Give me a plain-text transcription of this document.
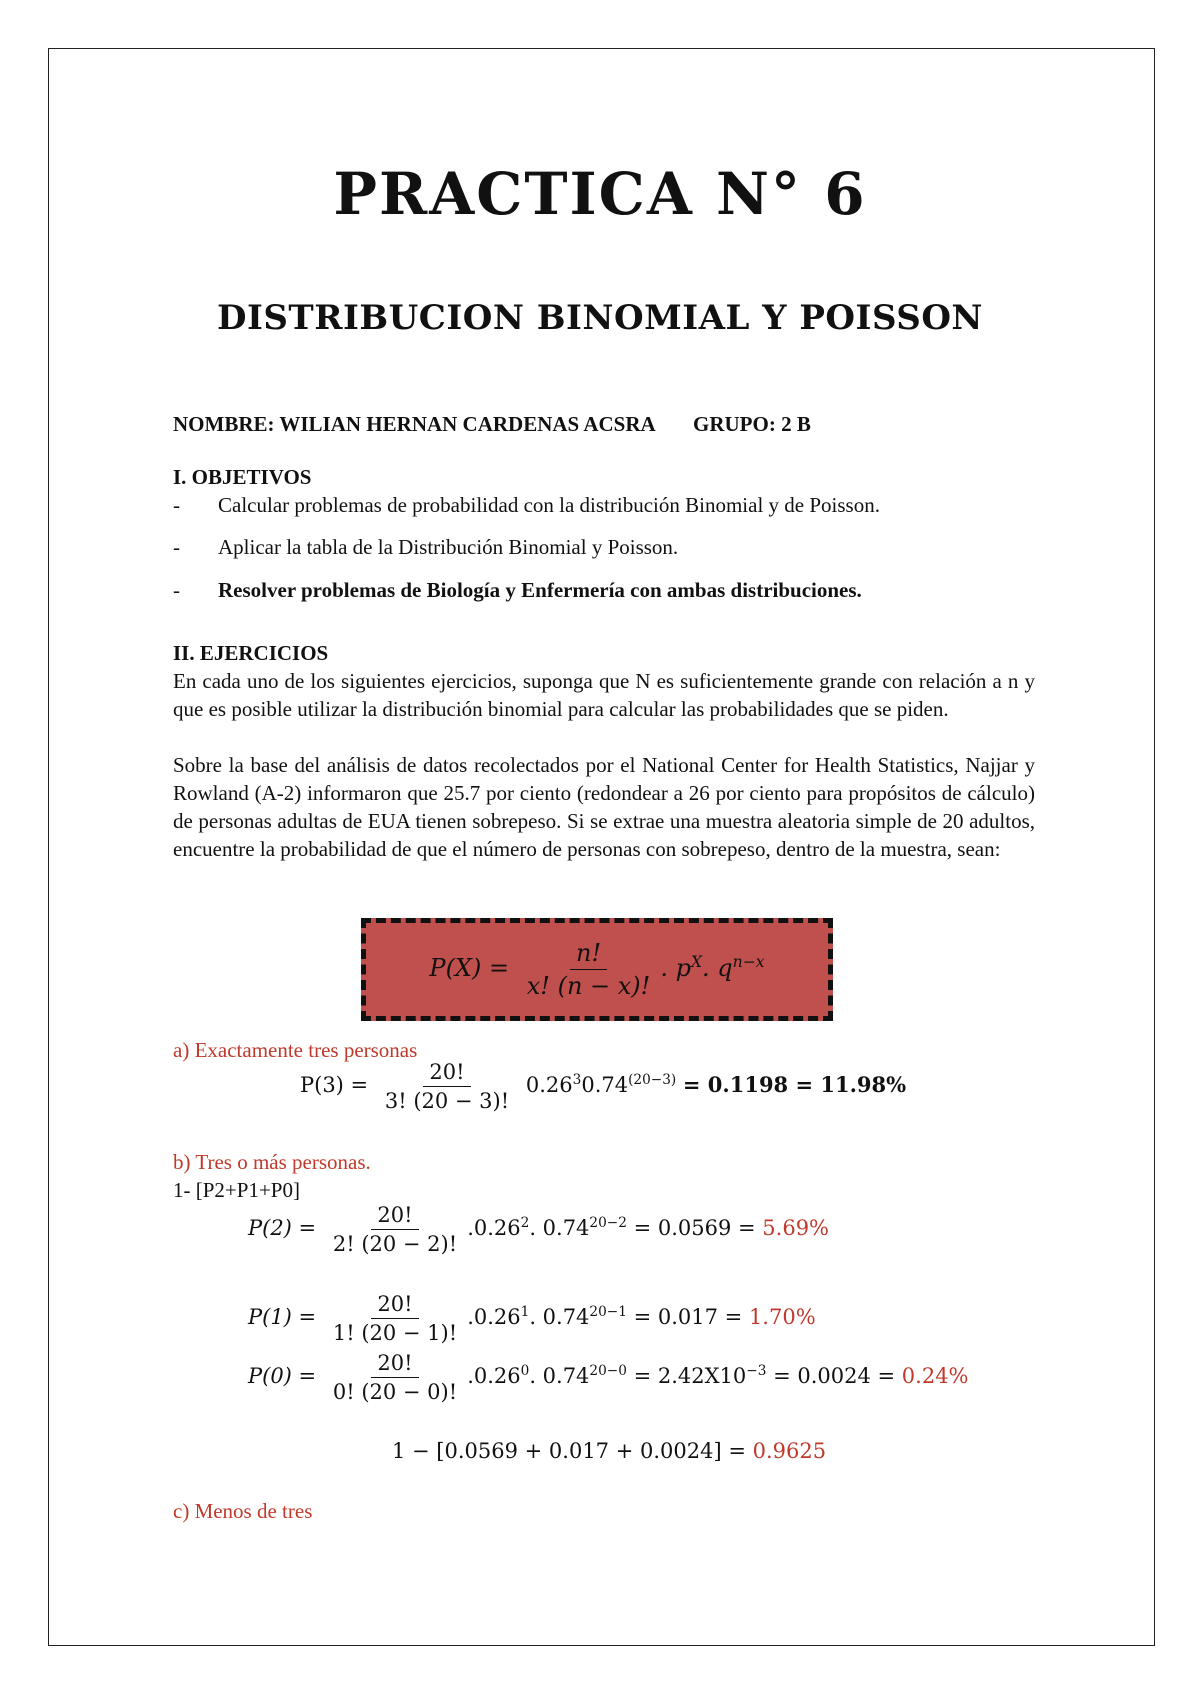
PRACTICA N° 6
DISTRIBUCION BINOMIAL Y POISSON
NOMBRE: WILIAN HERNAN CARDENAS ACSRA GRUPO: 2 B
I. OBJETIVOS
- Calcular problemas de probabilidad con la distribución Binomial y de Poisson.
- Aplicar la tabla de la Distribución Binomial y Poisson.
- Resolver problemas de Biología y Enfermería con ambas distribuciones.
II. EJERCICIOS
En cada uno de los siguientes ejercicios, suponga que N es suficientemente grande con relación a n y que es posible utilizar la distribución binomial para calcular las probabilidades que se piden.
Sobre la base del análisis de datos recolectados por el National Center for Health Statistics, Najjar y Rowland (A-2) informaron que 25.7 por ciento (redondear a 26 por ciento para propósitos de cálculo) de personas adultas de EUA tienen sobrepeso. Si se extrae una muestra aleatoria simple de 20 adultos, encuentre la probabilidad de que el número de personas con sobrepeso, dentro de la muestra, sean:
$P(X) = \frac{n!}{x! (n - x)!}$ . $p^X$. $q^{n-x}$
a) Exactamente tres personas
$P(3) = \frac{20!}{3! (20 - 3)!} 0.26^30.74^{(20-3)} = 0.1198 = 11.98\%$
b) Tres o más personas.
1- [P2+P1+P0]
$P(2) = \frac{20!}{2! (20 - 2)!} .0.26^2$. $0.74^{20-2} = 0.0569 = 5.69\%$
$P(1) = \frac{20!}{1! (20 - 1)!} .0.26^1$. $0.74^{20-1} = 0.017 = 1.70\%$
$P(0) = \frac{20!}{0! (20 - 0)!} .0.26^0$. $0.74^{20-0} = 2.42X10^{-3} = 0.0024 = 0.24\%$
1 − [0.0569 + 0.017 + 0.0024] = 0.9625
c) Menos de tres
